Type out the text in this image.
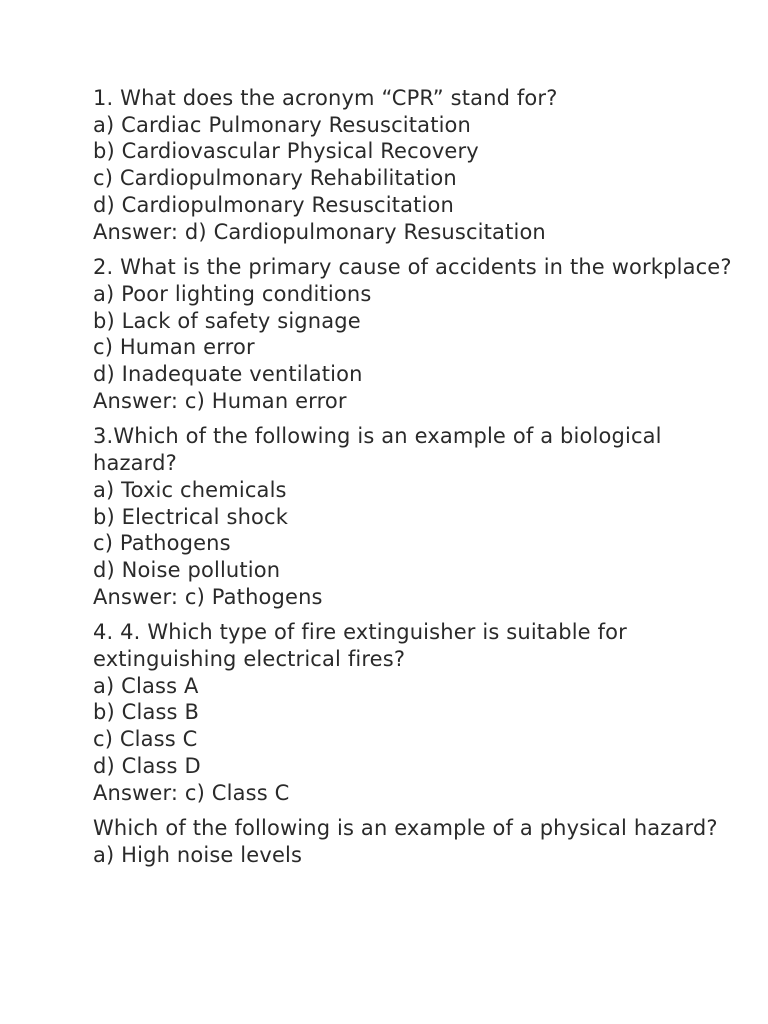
1. What does the acronym “CPR” stand for?
a) Cardiac Pulmonary Resuscitation
b) Cardiovascular Physical Recovery
c) Cardiopulmonary Rehabilitation
d) Cardiopulmonary Resuscitation
Answer: d) Cardiopulmonary Resuscitation
2. What is the primary cause of accidents in the workplace?
a) Poor lighting conditions
b) Lack of safety signage
c) Human error
d) Inadequate ventilation
Answer: c) Human error
3.Which of the following is an example of a biological hazard?
a) Toxic chemicals
b) Electrical shock
c) Pathogens
d) Noise pollution
Answer: c) Pathogens
4. 4. Which type of fire extinguisher is suitable for extinguishing electrical fires?
a) Class A
b) Class B
c) Class C
d) Class D
Answer: c) Class C
Which of the following is an example of a physical hazard?
a) High noise levels
